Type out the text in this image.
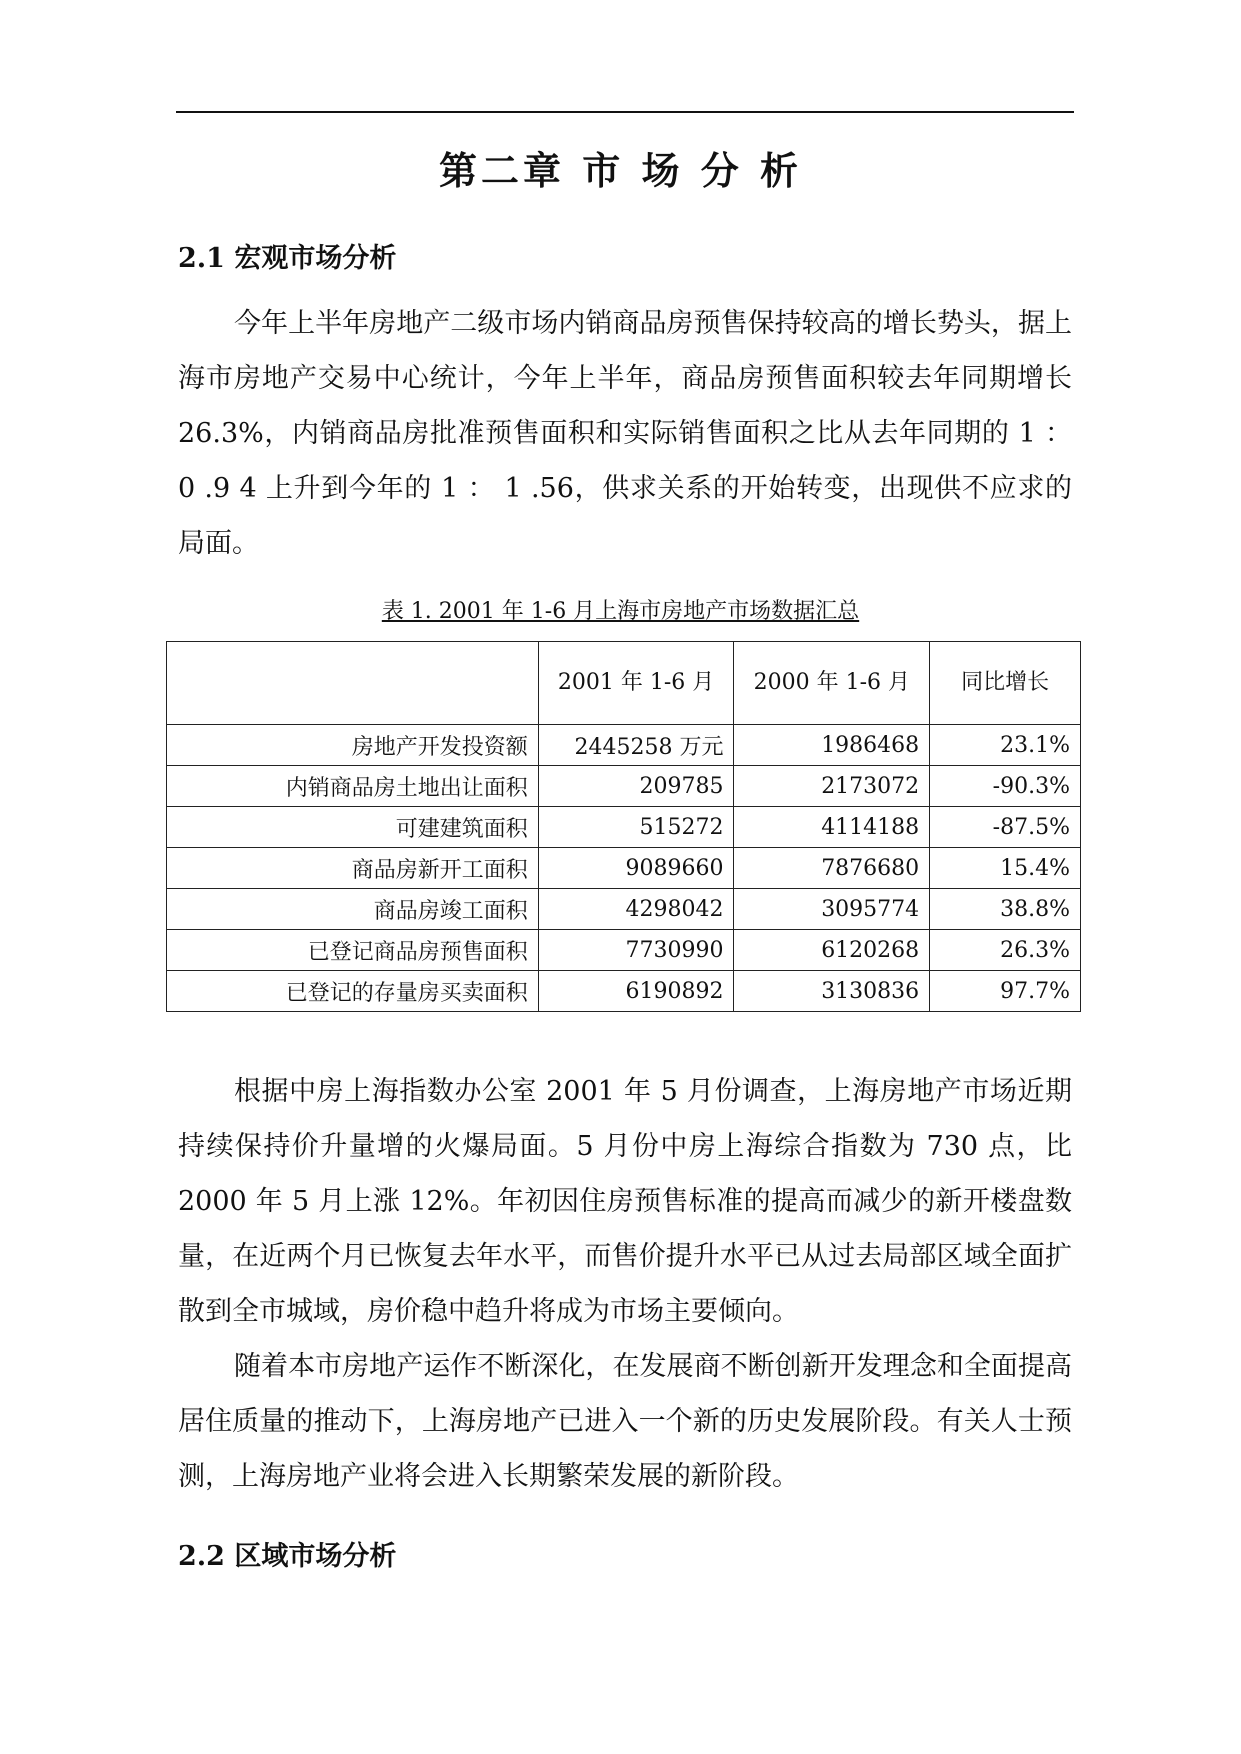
第二章 市 场 分 析
2.1 宏观市场分析

今年上半年房地产二级市场内销商品房预售保持较高的增长势头，据上海市房地产交易中心统计，今年上半年，商品房预售面积较去年同期增长 26.3%，内销商品房批准预售面积和实际销售面积之比从去年同期的 1 ： 0 .9 4 上升到今年的 1 ： 1 .56，供求关系的开始转变，出现供不应求的局面。

表 1. 2001 年 1-6 月上海市房地产市场数据汇总
	2001 年 1-6 月	2000 年 1-6 月	同比增长
房地产开发投资额	2445258 万元	1986468	23.1%
内销商品房土地出让面积	209785	2173072	-90.3%
可建建筑面积	515272	4114188	-87.5%
商品房新开工面积	9089660	7876680	15.4%
商品房竣工面积	4298042	3095774	38.8%
已登记商品房预售面积	7730990	6120268	26.3%
已登记的存量房买卖面积	6190892	3130836	97.7%

根据中房上海指数办公室 2001 年 5 月份调查，上海房地产市场近期持续保持价升量增的火爆局面。5 月份中房上海综合指数为 730 点，比 2000 年 5 月上涨 12%。年初因住房预售标准的提高而减少的新开楼盘数量，在近两个月已恢复去年水平，而售价提升水平已从过去局部区域全面扩散到全市城域，房价稳中趋升将成为市场主要倾向。

随着本市房地产运作不断深化，在发展商不断创新开发理念和全面提高居住质量的推动下，上海房地产已进入一个新的历史发展阶段。有关人士预测，上海房地产业将会进入长期繁荣发展的新阶段。

2.2 区域市场分析
